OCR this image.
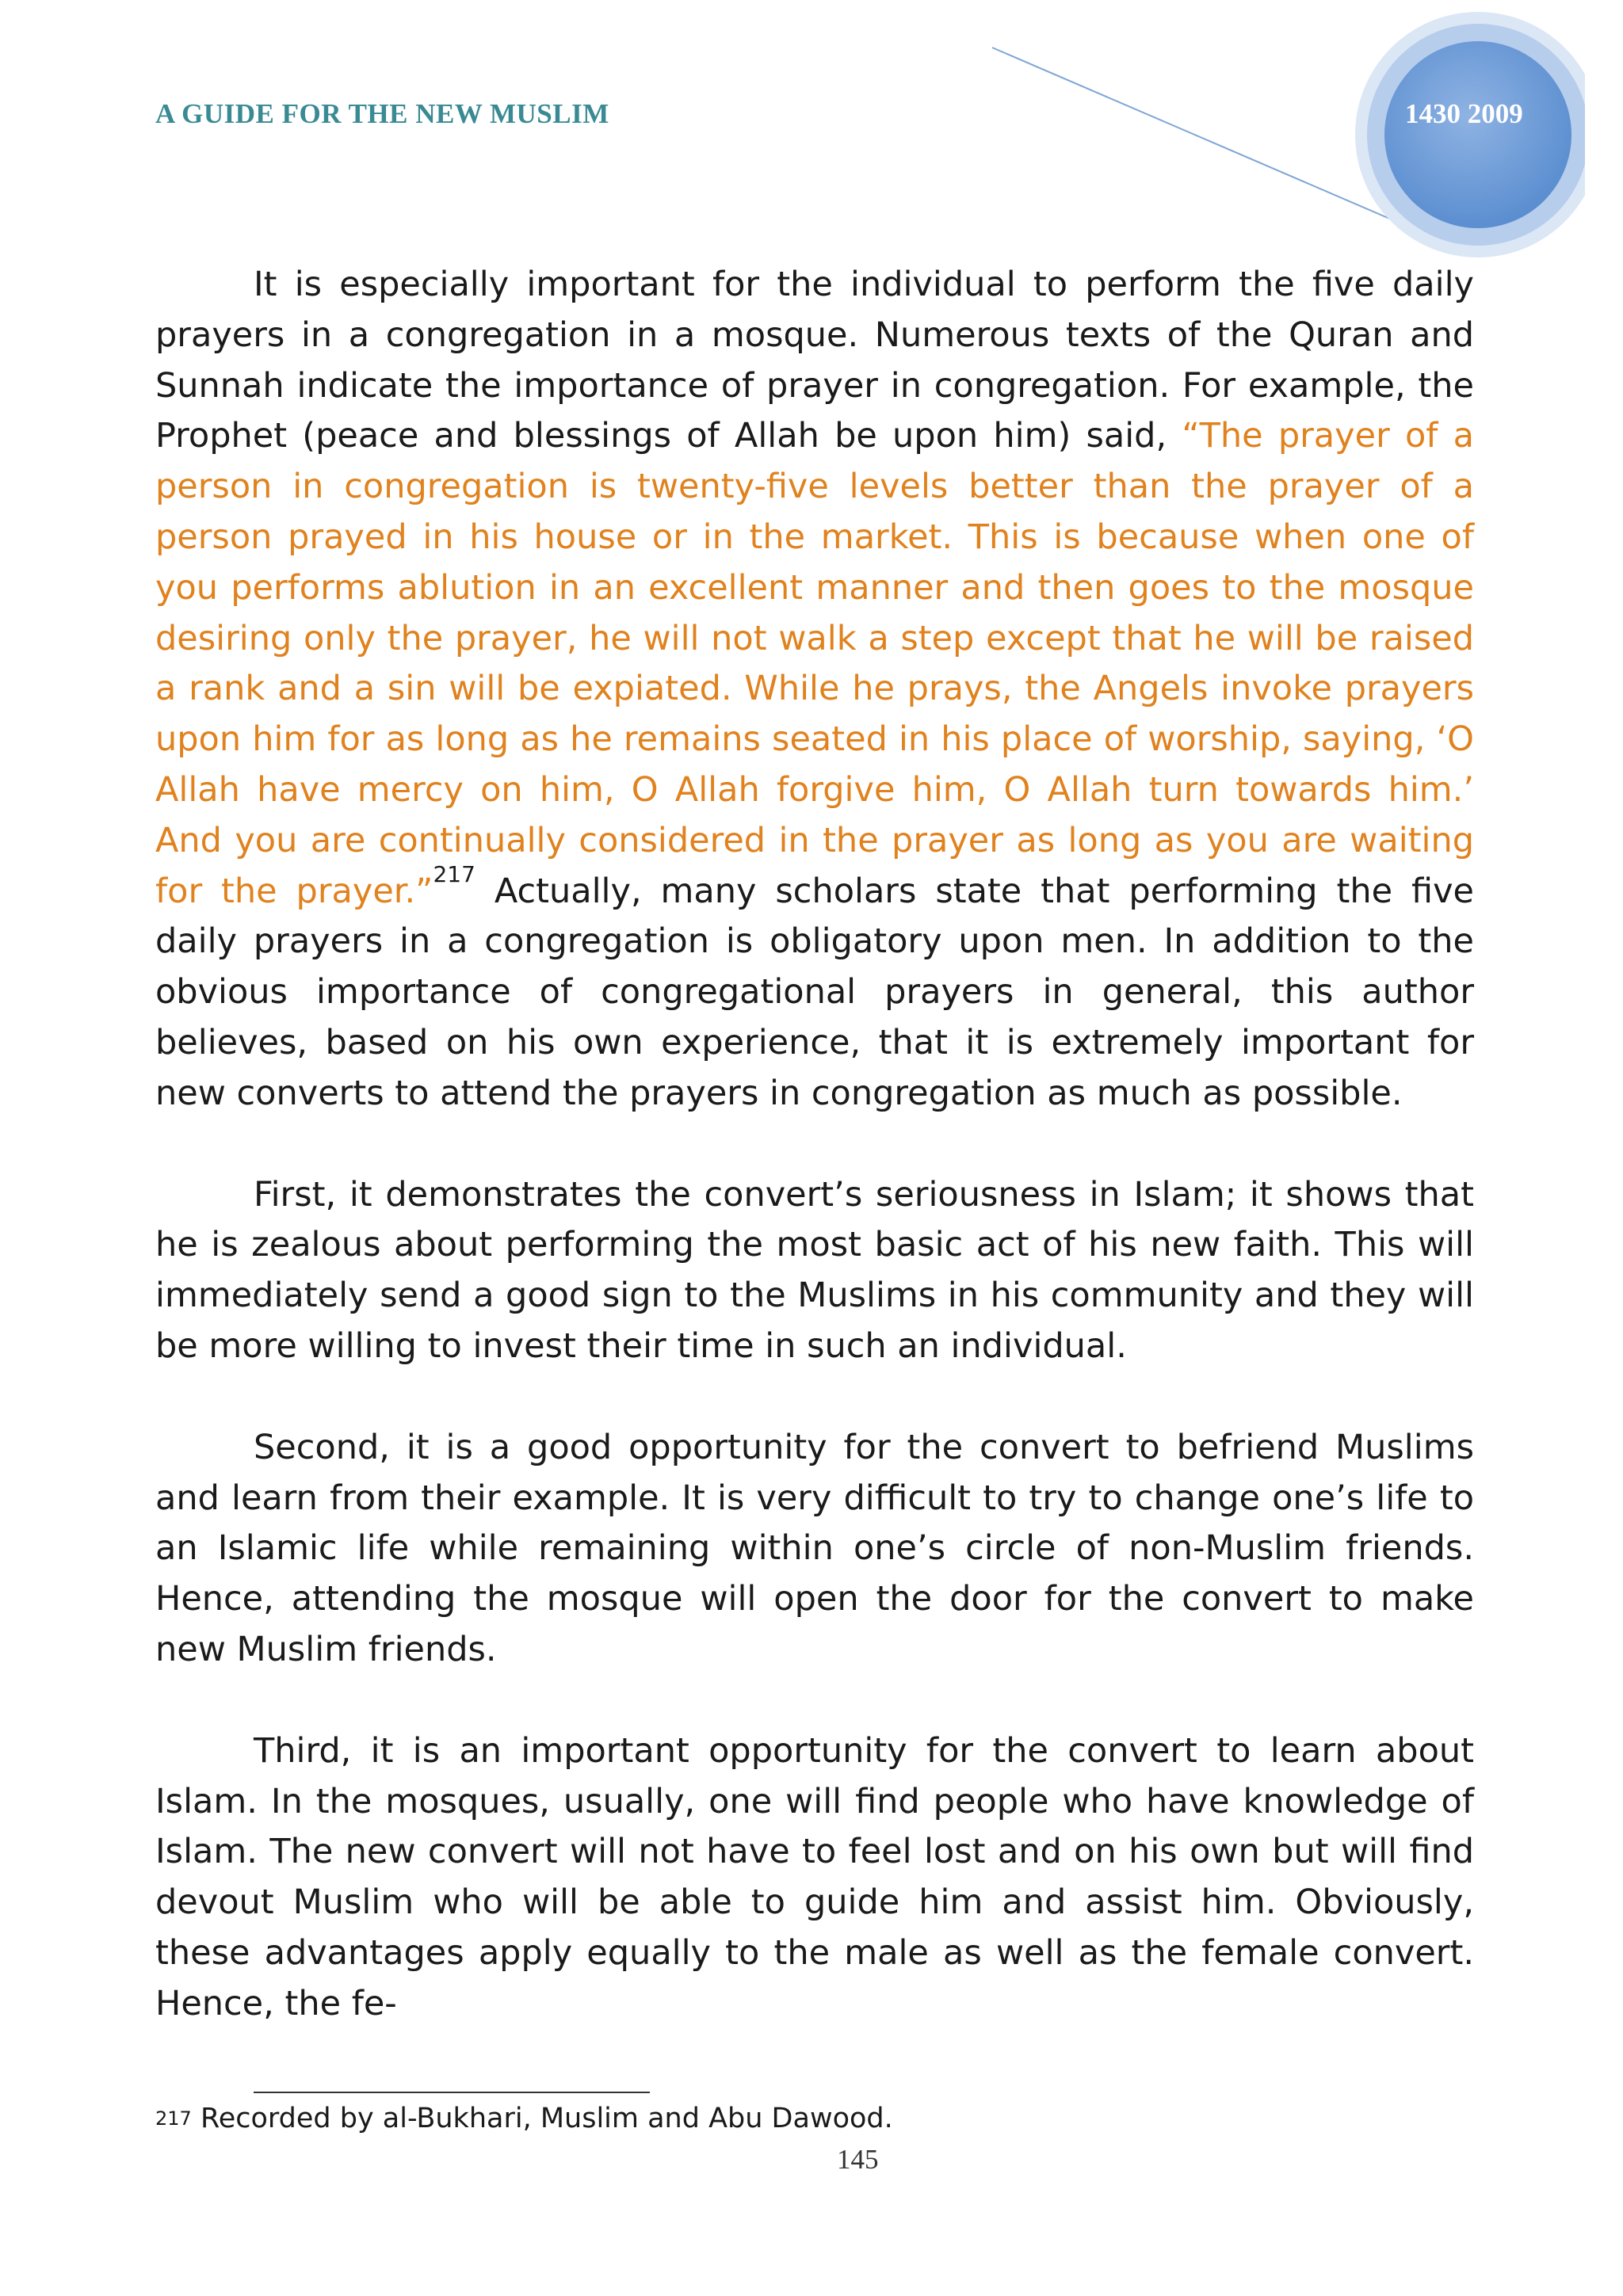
A GUIDE FOR THE NEW MUSLIM	1430 2009

It is especially important for the individual to perform the five daily prayers in a congregation in a mosque. Numerous texts of the Quran and Sunnah indicate the importance of prayer in congregation. For example, the Prophet (peace and blessings of Allah be upon him) said, “The prayer of a person in congregation is twenty-five levels better than the prayer of a person prayed in his house or in the market. This is because when one of you performs ablution in an excellent manner and then goes to the mosque desiring only the prayer, he will not walk a step except that he will be raised a rank and a sin will be expiated. While he prays, the Angels invoke prayers upon him for as long as he remains seated in his place of worship, saying, ‘O Allah have mercy on him, O Allah forgive him, O Allah turn towards him.’ And you are continually considered in the prayer as long as you are waiting for the prayer.”$^{217}$ Actually, many scholars state that performing the five daily prayers in a congregation is obligatory upon men. In addition to the obvious importance of congregational prayers in general, this author believes, based on his own experience, that it is extremely important for new converts to attend the prayers in congregation as much as possible.

First, it demonstrates the convert’s seriousness in Islam; it shows that he is zealous about performing the most basic act of his new faith. This will immediately send a good sign to the Muslims in his community and they will be more willing to invest their time in such an individual.

Second, it is a good opportunity for the convert to befriend Muslims and learn from their example. It is very difficult to try to change one’s life to an Islamic life while remaining within one’s circle of non-Muslim friends. Hence, attending the mosque will open the door for the convert to make new Muslim friends.

Third, it is an important opportunity for the convert to learn about Islam. In the mosques, usually, one will find people who have knowledge of Islam. The new convert will not have to feel lost and on his own but will find devout Muslim who will be able to guide him and assist him. Obviously, these advantages apply equally to the male as well as the female convert. Hence, the fe-

$^{217}$ Recorded by al-Bukhari, Muslim and Abu Dawood.
145
